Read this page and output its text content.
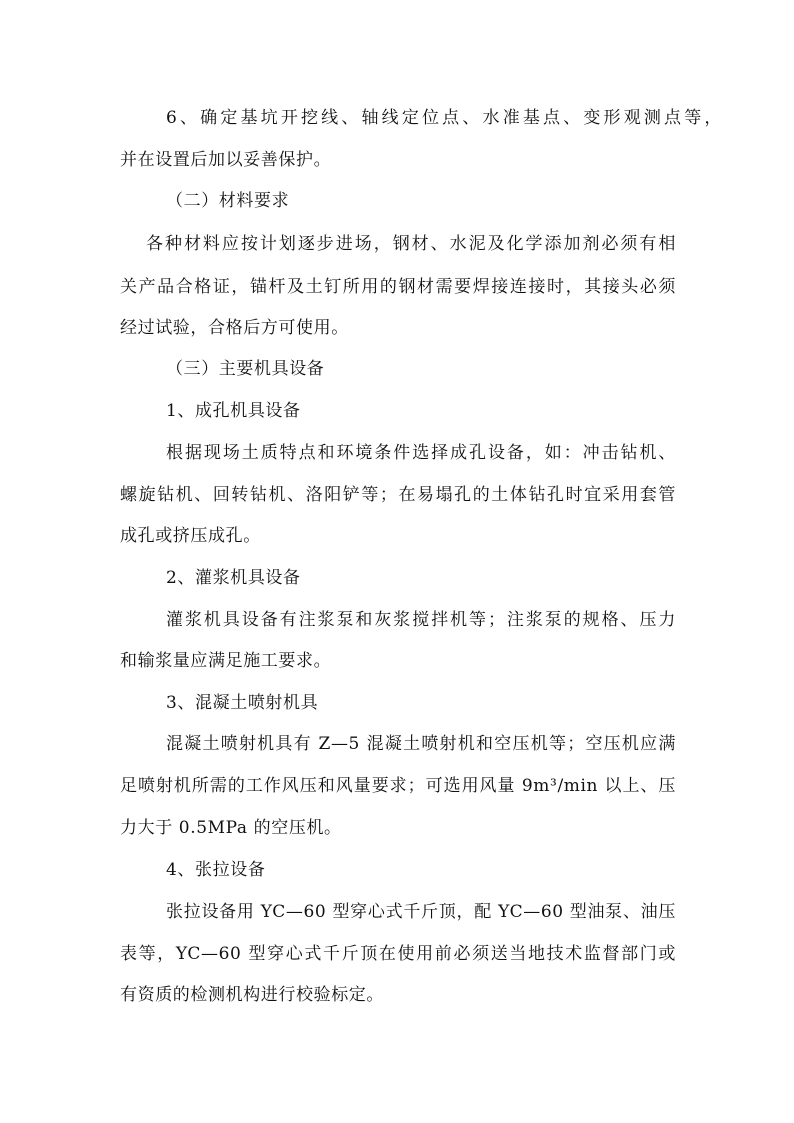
6、确定基坑开挖线、轴线定位点、水准基点、变形观测点等，
并在设置后加以妥善保护。
（二）材料要求
各种材料应按计划逐步进场，钢材、水泥及化学添加剂必须有相
关产品合格证，锚杆及土钉所用的钢材需要焊接连接时，其接头必须
经过试验，合格后方可使用。
（三）主要机具设备
1、成孔机具设备
根据现场土质特点和环境条件选择成孔设备，如：冲击钻机、
螺旋钻机、回转钻机、洛阳铲等；在易塌孔的土体钻孔时宜采用套管
成孔或挤压成孔。
2、灌浆机具设备
灌浆机具设备有注浆泵和灰浆搅拌机等；注浆泵的规格、压力
和输浆量应满足施工要求。
3、混凝土喷射机具
混凝土喷射机具有 Z—5 混凝土喷射机和空压机等；空压机应满
足喷射机所需的工作风压和风量要求；可选用风量 9m³/min 以上、压
力大于 0.5MPa 的空压机。
4、张拉设备
张拉设备用 YC—60 型穿心式千斤顶，配 YC—60 型油泵、油压
表等，YC—60 型穿心式千斤顶在使用前必须送当地技术监督部门或
有资质的检测机构进行校验标定。
